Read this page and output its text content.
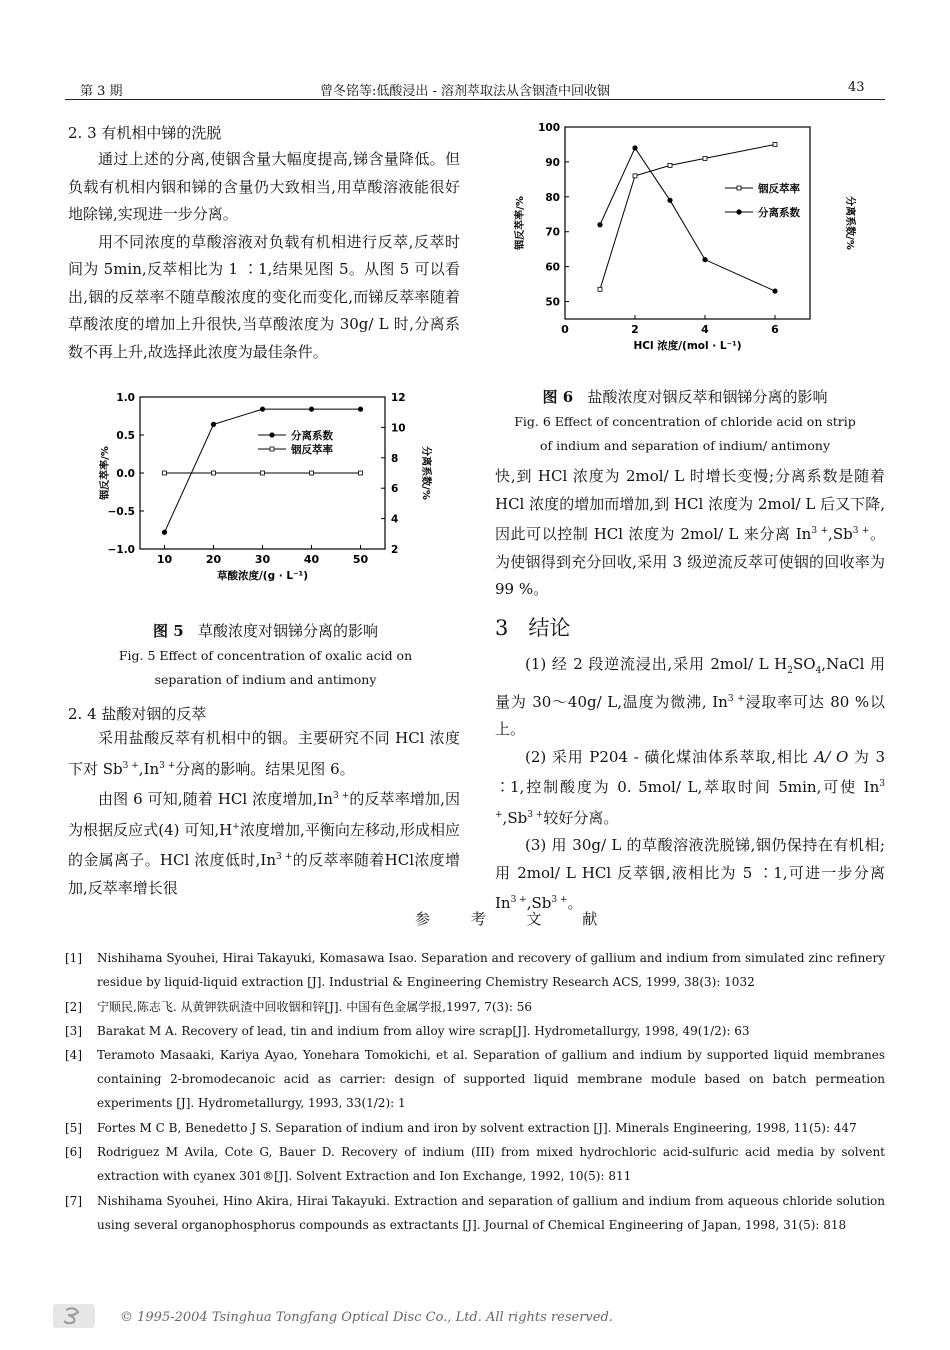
第 3 期	曾冬铭等:低酸浸出 - 溶剂萃取法从含铟渣中回收铟	43
2. 3 有机相中锑的洗脱

通过上述的分离,使铟含量大幅度提高,锑含量降低。但负载有机相内铟和锑的含量仍大致相当,用草酸溶液能很好地除锑,实现进一步分离。

用不同浓度的草酸溶液对负载有机相进行反萃,反萃时间为 5min,反萃相比为 1 ∶1,结果见图 5。从图 5 可以看出,铟的反萃率不随草酸浓度的变化而变化,而锑反萃率随着草酸浓度的增加上升很快,当草酸浓度为 30g/ L 时,分离系数不再上升,故选择此浓度为最佳条件。

10	20	30	40	50
−1.0
−0.5
0.0
0.5
1.0
2
4
6
8
10
12
草酸浓度/(g · L⁻¹)
铟反萃率/%	分离系数/%
分离系数
铟反萃率
图 5 草酸浓度对铟锑分离的影响
Fig. 5 Effect of concentration of oxalic acid on
separation of indium and antimony
2. 4 盐酸对铟的反萃

采用盐酸反萃有机相中的铟。主要研究不同 HCl 浓度下对 $Sb^{3 +},In^{3 +}$分离的影响。结果见图 6。

由图 6 可知,随着 HCl 浓度增加$,In^{3 +}$的反萃率增加,因为根据反应式(4) 可知,H+浓度增加,平衡向左移动,形成相应的金属离子。HCl 浓度低时$,In^{3 +}$的反萃率随着HCl浓度增加,反萃率增长很

0	2	4	6
50
60
70
80
90
100
HCl 浓度/(mol · L⁻¹)
铟反萃率/%	分离系数/%
铟反萃率
分离系数
图 6 盐酸浓度对铟反萃和铟锑分离的影响
Fig. 6 Effect of concentration of chloride acid on strip
of indium and separation of indium/ antimony

快,到 HCl 浓度为 2mol/ L 时增长变慢;分离系数是随着 HCl 浓度的增加而增加,到 HCl 浓度为 2mol/ L 后又下降,因此可以控制 HCl 浓度为 2mol/ L 来分离 $In^{3 +},Sb^{3 +}$。为使铟得到充分回收,采用 3 级逆流反萃可使铟的回收率为 99 %。

3 结论

(1) 经 2 段逆流浸出,采用 2mol/ L $H_2SO_4,NaCl$ 用量为 30～40g/ L,温度为微沸, $In^{3 +}$浸取率可达 80 %以上。

(2) 采用 P204 - 磺化煤油体系萃取,相比 A/ O 为 3 ∶1,控制酸度为 0. 5mol/ L,萃取时间 5min,可使 $In^{3 +},Sb^{3 +}$较好分离。

(3) 用 30g/ L 的草酸溶液洗脱锑,铟仍保持在有机相;用 2mol/ L HCl 反萃铟,液相比为 5 ∶1,可进一步分离 $In^{3 +},Sb^{3 +}$。

参 考 文 献
[1] Nishihama Syouhei, Hirai Takayuki, Komasawa Isao. Separation and recovery of gallium and indium from simulated zinc refinery residue by liquid-liquid extraction [J]. Industrial & Engineering Chemistry Research ACS, 1999, 38(3): 1032
[2] 宁顺民,陈志飞. 从黄钾铁矾渣中回收铟和锌[J]. 中国有色金属学报,1997, 7(3): 56
[3] Barakat M A. Recovery of lead, tin and indium from alloy wire scrap[J]. Hydrometallurgy, 1998, 49(1/2): 63
[4] Teramoto Masaaki, Kariya Ayao, Yonehara Tomokichi, et al. Separation of gallium and indium by supported liquid membranes containing 2-bromodecanoic acid as carrier: design of supported liquid membrane module based on batch permeation experiments [J]. Hydrometallurgy, 1993, 33(1/2): 1
[5] Fortes M C B, Benedetto J S. Separation of indium and iron by solvent extraction [J]. Minerals Engineering, 1998, 11(5): 447
[6] Rodriguez M Avila, Cote G, Bauer D. Recovery of indium (III) from mixed hydrochloric acid-sulfuric acid media by solvent extraction with cyanex 301®[J]. Solvent Extraction and Ion Exchange, 1992, 10(5): 811
[7] Nishihama Syouhei, Hino Akira, Hirai Takayuki. Extraction and separation of gallium and indium from aqueous chloride solution using several organophosphorus compounds as extractants [J]. Journal of Chemical Engineering of Japan, 1998, 31(5): 818
© 1995-2004 Tsinghua Tongfang Optical Disc Co., Ltd. All rights reserved.
